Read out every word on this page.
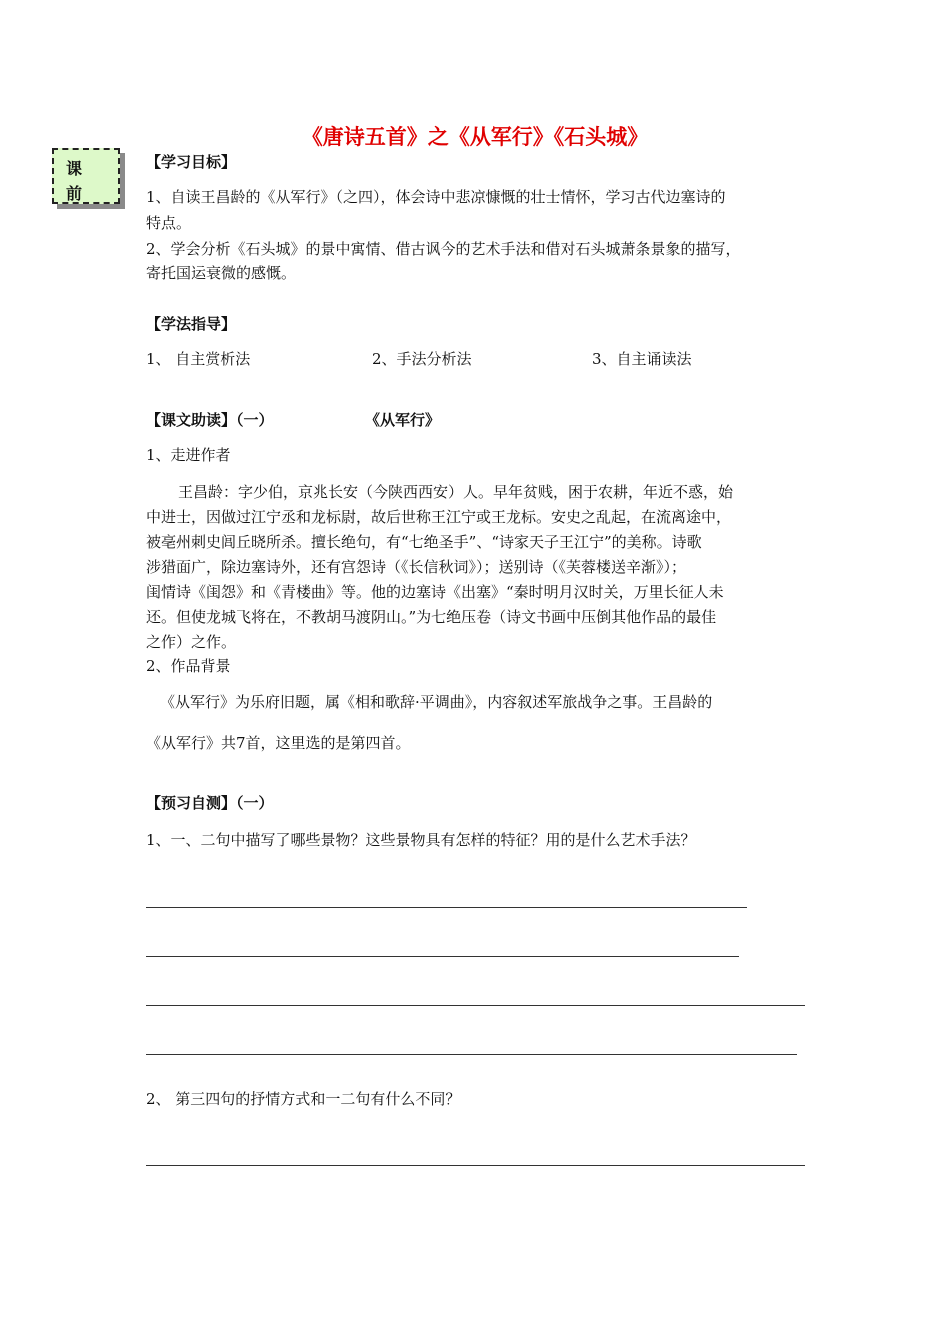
《唐诗五首》之《从军行》《石头城》
课
前
【学习目标】
1、自读王昌龄的《从军行》（之四），体会诗中悲凉慷慨的壮士情怀，学习古代边塞诗的
特点。
2、学会分析《石头城》的景中寓情、借古讽今的艺术手法和借对石头城萧条景象的描写，
寄托国运衰微的感慨。
【学法指导】
1、 自主赏析法	2、手法分析法	3、自主诵读法
【课文助读】（一）	《从军行》
1、走进作者
王昌龄：字少伯，京兆长安（今陕西西安）人。早年贫贱，困于农耕，年近不惑，始
中进士，因做过江宁丞和龙标尉，故后世称王江宁或王龙标。安史之乱起，在流离途中，
被亳州刺史闾丘晓所杀。擅长绝句，有“七绝圣手”、“诗家天子王江宁”的美称。诗歌
涉猎面广，除边塞诗外，还有宫怨诗（《长信秋词》）；送别诗（《芙蓉楼送辛渐》）；
闺情诗《闺怨》和《青楼曲》等。他的边塞诗《出塞》“秦时明月汉时关，万里长征人未
还。但使龙城飞将在，不教胡马渡阴山。”为七绝压卷（诗文书画中压倒其他作品的最佳
之作）之作。
2、作品背景
《从军行》为乐府旧题，属《相和歌辞·平调曲》，内容叙述军旅战争之事。王昌龄的
《从军行》共7首，这里选的是第四首。
【预习自测】（一）
1、一、二句中描写了哪些景物？这些景物具有怎样的特征？用的是什么艺术手法？
2、 第三四句的抒情方式和一二句有什么不同？
